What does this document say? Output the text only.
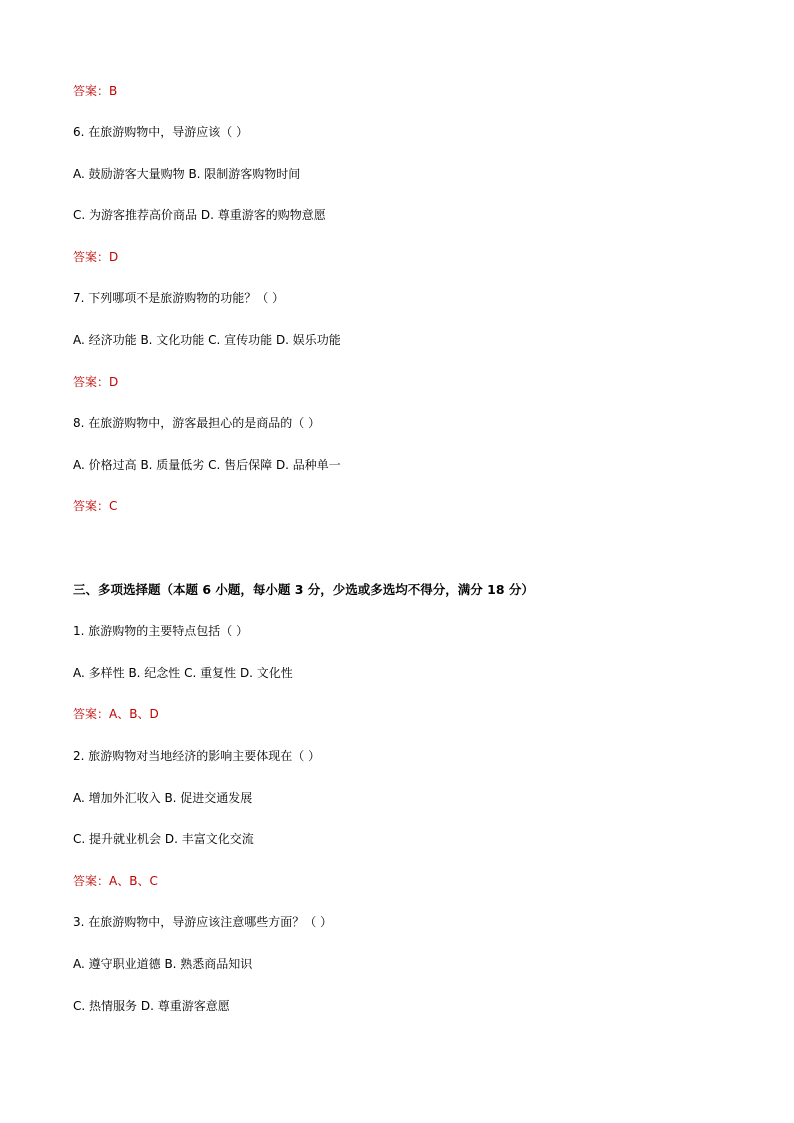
答案：B
6. 在旅游购物中，导游应该（ ）
A. 鼓励游客大量购物 B. 限制游客购物时间
C. 为游客推荐高价商品 D. 尊重游客的购物意愿
答案：D
7. 下列哪项不是旅游购物的功能？（ ）
A. 经济功能 B. 文化功能 C. 宣传功能 D. 娱乐功能
答案：D
8. 在旅游购物中，游客最担心的是商品的（ ）
A. 价格过高 B. 质量低劣 C. 售后保障 D. 品种单一
答案：C
三、多项选择题（本题 6 小题，每小题 3 分，少选或多选均不得分，满分 18 分）
1. 旅游购物的主要特点包括（ ）
A. 多样性 B. 纪念性 C. 重复性 D. 文化性
答案：A、B、D
2. 旅游购物对当地经济的影响主要体现在（ ）
A. 增加外汇收入 B. 促进交通发展
C. 提升就业机会 D. 丰富文化交流
答案：A、B、C
3. 在旅游购物中，导游应该注意哪些方面？（ ）
A. 遵守职业道德 B. 熟悉商品知识
C. 热情服务 D. 尊重游客意愿
